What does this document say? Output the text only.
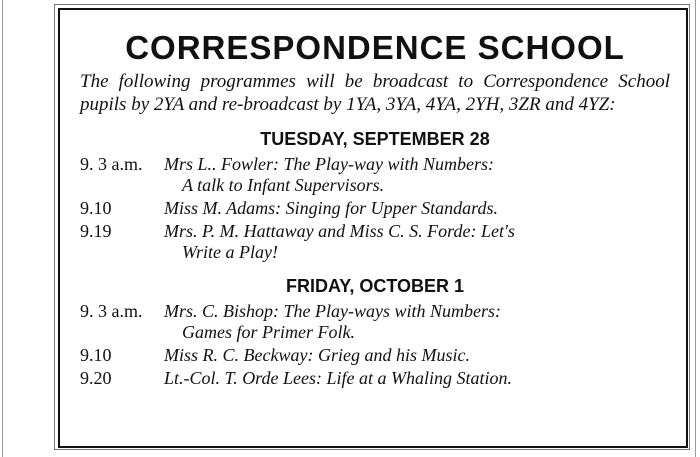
CORRESPONDENCE SCHOOL

The following programmes will be broadcast to Correspondence School pupils by 2YA and re-broadcast by 1YA, 3YA, 4YA, 2YH, 3ZR and 4YZ:

TUESDAY, SEPTEMBER 28
9. 3 a.m.	Mrs L.. Fowler: The Play-way with Numbers:
A talk to Infant Supervisors.
9.10	Miss M. Adams: Singing for Upper Standards.
9.19	Mrs. P. M. Hattaway and Miss C. S. Forde: Let's
Write a Play!
FRIDAY, OCTOBER 1
9. 3 a.m.	Mrs. C. Bishop: The Play-ways with Numbers:
Games for Primer Folk.
9.10	Miss R. C. Beckway: Grieg and his Music.
9.20	Lt.-Col. T. Orde Lees: Life at a Whaling Station.
